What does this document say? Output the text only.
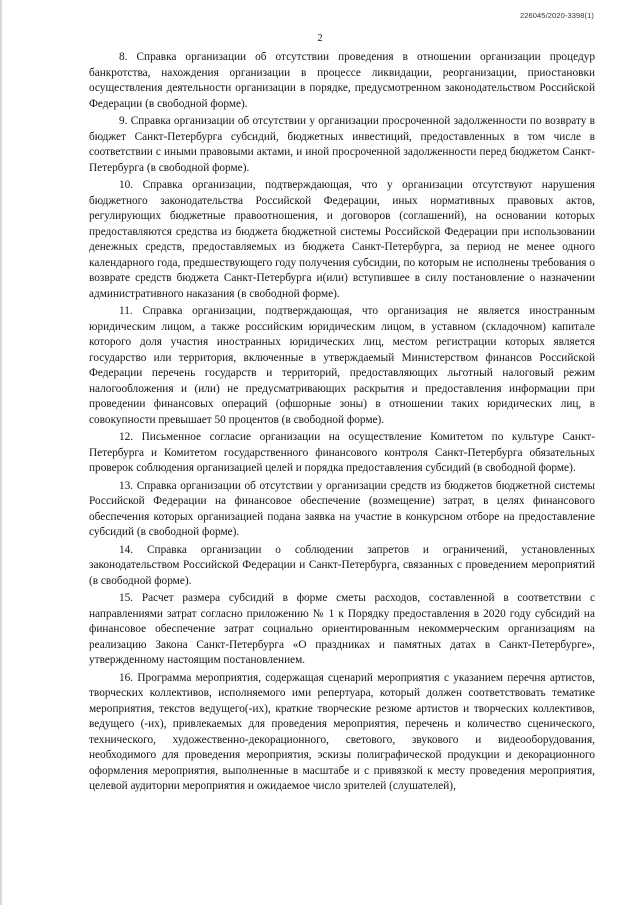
226045/2020-3398(1)
2

8. Справка организации об отсутствии проведения в отношении организации процедур банкротства, нахождения организации в процессе ликвидации, реорганизации, приостановки осуществления деятельности организации в порядке, предусмотренном законодательством Российской Федерации (в свободной форме).

9. Справка организации об отсутствии у организации просроченной задолженности по возврату в бюджет Санкт-Петербурга субсидий, бюджетных инвестиций, предоставленных в том числе в соответствии с иными правовыми актами, и иной просроченной задолженности перед бюджетом Санкт-Петербурга (в свободной форме).

10. Справка организации, подтверждающая, что у организации отсутствуют нарушения бюджетного законодательства Российской Федерации, иных нормативных правовых актов, регулирующих бюджетные правоотношения, и договоров (соглашений), на основании которых предоставляются средства из бюджета бюджетной системы Российской Федерации при использовании денежных средств, предоставляемых из бюджета Санкт-Петербурга, за период не менее одного календарного года, предшествующего году получения субсидии, по которым не исполнены требования о возврате средств бюджета Санкт-Петербурга и(или) вступившее в силу постановление о назначении административного наказания (в свободной форме).

11. Справка организации, подтверждающая, что организация не является иностранным юридическим лицом, а также российским юридическим лицом, в уставном (складочном) капитале которого доля участия иностранных юридических лиц, местом регистрации которых является государство или территория, включенные в утверждаемый Министерством финансов Российской Федерации перечень государств и территорий, предоставляющих льготный налоговый режим налогообложения и (или) не предусматривающих раскрытия и предоставления информации при проведении финансовых операций (офшорные зоны) в отношении таких юридических лиц, в совокупности превышает 50 процентов (в свободной форме).

12. Письменное согласие организации на осуществление Комитетом по культуре Санкт-Петербурга и Комитетом государственного финансового контроля Санкт-Петербурга обязательных проверок соблюдения организацией целей и порядка предоставления субсидий (в свободной форме).

13. Справка организации об отсутствии у организации средств из бюджетов бюджетной системы Российской Федерации на финансовое обеспечение (возмещение) затрат, в целях финансового обеспечения которых организацией подана заявка на участие в конкурсном отборе на предоставление субсидий (в свободной форме).

14. Справка организации о соблюдении запретов и ограничений, установленных законодательством Российской Федерации и Санкт-Петербурга, связанных с проведением мероприятий (в свободной форме).

15. Расчет размера субсидий в форме сметы расходов, составленной в соответствии с направлениями затрат согласно приложению № 1 к Порядку предоставления в 2020 году субсидий на финансовое обеспечение затрат социально ориентированным некоммерческим организациям на реализацию Закона Санкт-Петербурга «О праздниках и памятных датах в Санкт-Петербурге», утвержденному настоящим постановлением.

16. Программа мероприятия, содержащая сценарий мероприятия с указанием перечня артистов, творческих коллективов, исполняемого ими репертуара, который должен соответствовать тематике мероприятия, текстов ведущего(-их), краткие творческие резюме артистов и творческих коллективов, ведущего (-их), привлекаемых для проведения мероприятия, перечень и количество сценического, технического, художественно-декорационного, светового, звукового и видеооборудования, необходимого для проведения мероприятия, эскизы полиграфической продукции и декорационного оформления мероприятия, выполненные в масштабе и с привязкой к месту проведения мероприятия, целевой аудитории мероприятия и ожидаемое число зрителей (слушателей),
